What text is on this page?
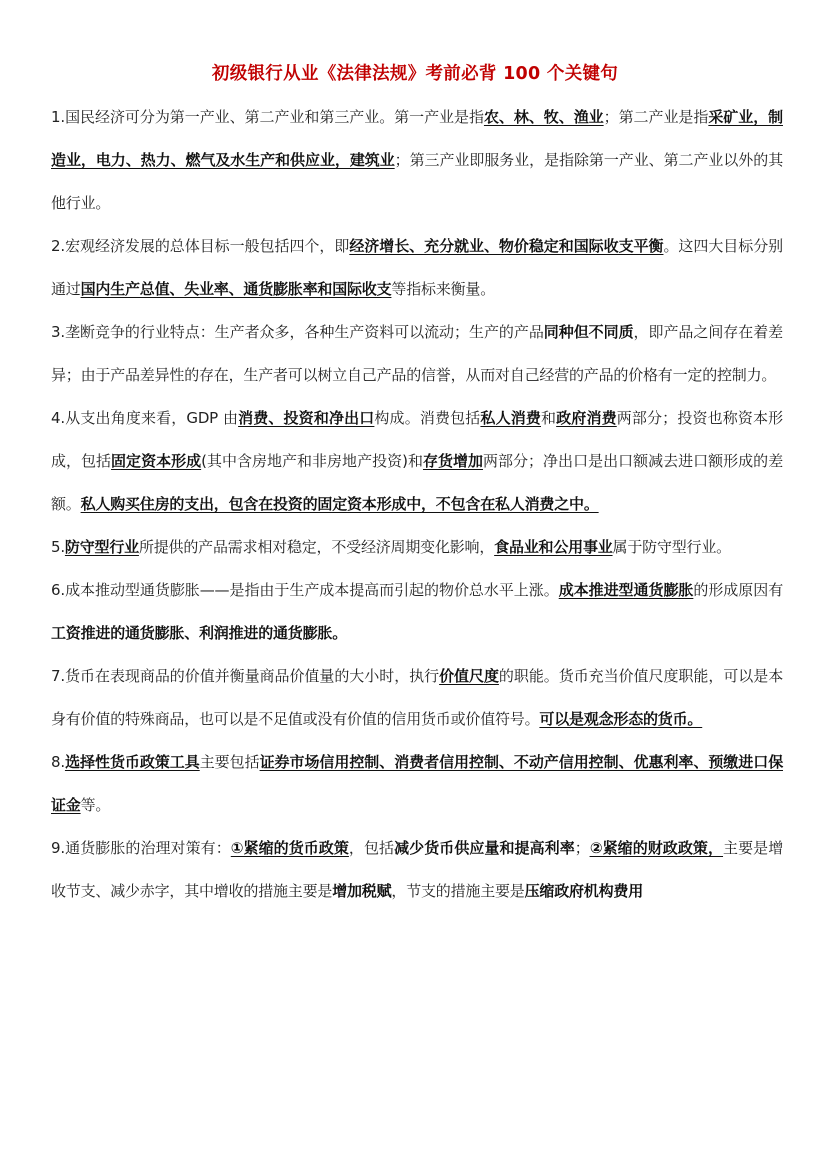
初级银行从业《法律法规》考前必背 100 个关键句

1.国民经济可分为第一产业、第二产业和第三产业。第一产业是指农、林、牧、渔业；第二产业是指采矿业，制造业，电力、热力、燃气及水生产和供应业，建筑业；第三产业即服务业，是指除第一产业、第二产业以外的其他行业。

2.宏观经济发展的总体目标一般包括四个，即经济增长、充分就业、物价稳定和国际收支平衡。这四大目标分别通过国内生产总值、失业率、通货膨胀率和国际收支等指标来衡量。

3.垄断竞争的行业特点：生产者众多，各种生产资料可以流动；生产的产品同种但不同质，即产品之间存在着差异；由于产品差异性的存在，生产者可以树立自己产品的信誉，从而对自己经营的产品的价格有一定的控制力。

4.从支出角度来看，GDP 由消费、投资和净出口构成。消费包括私人消费和政府消费两部分；投资也称资本形成，包括固定资本形成(其中含房地产和非房地产投资)和存货增加两部分；净出口是出口额减去进口额形成的差额。私人购买住房的支出，包含在投资的固定资本形成中，不包含在私人消费之中。

5.防守型行业所提供的产品需求相对稳定，不受经济周期变化影响，食品业和公用事业属于防守型行业。

6.成本推动型通货膨胀——是指由于生产成本提高而引起的物价总水平上涨。成本推进型通货膨胀的形成原因有工资推进的通货膨胀、利润推进的通货膨胀。

7.货币在表现商品的价值并衡量商品价值量的大小时，执行价值尺度的职能。货币充当价值尺度职能，可以是本身有价值的特殊商品，也可以是不足值或没有价值的信用货币或价值符号。可以是观念形态的货币。

8.选择性货币政策工具主要包括证券市场信用控制、消费者信用控制、不动产信用控制、优惠利率、预缴进口保证金等。

9.通货膨胀的治理对策有：①紧缩的货币政策，包括减少货币供应量和提高利率；②紧缩的财政政策，主要是增收节支、减少赤字，其中增收的措施主要是增加税赋，节支的措施主要是压缩政府机构费用
